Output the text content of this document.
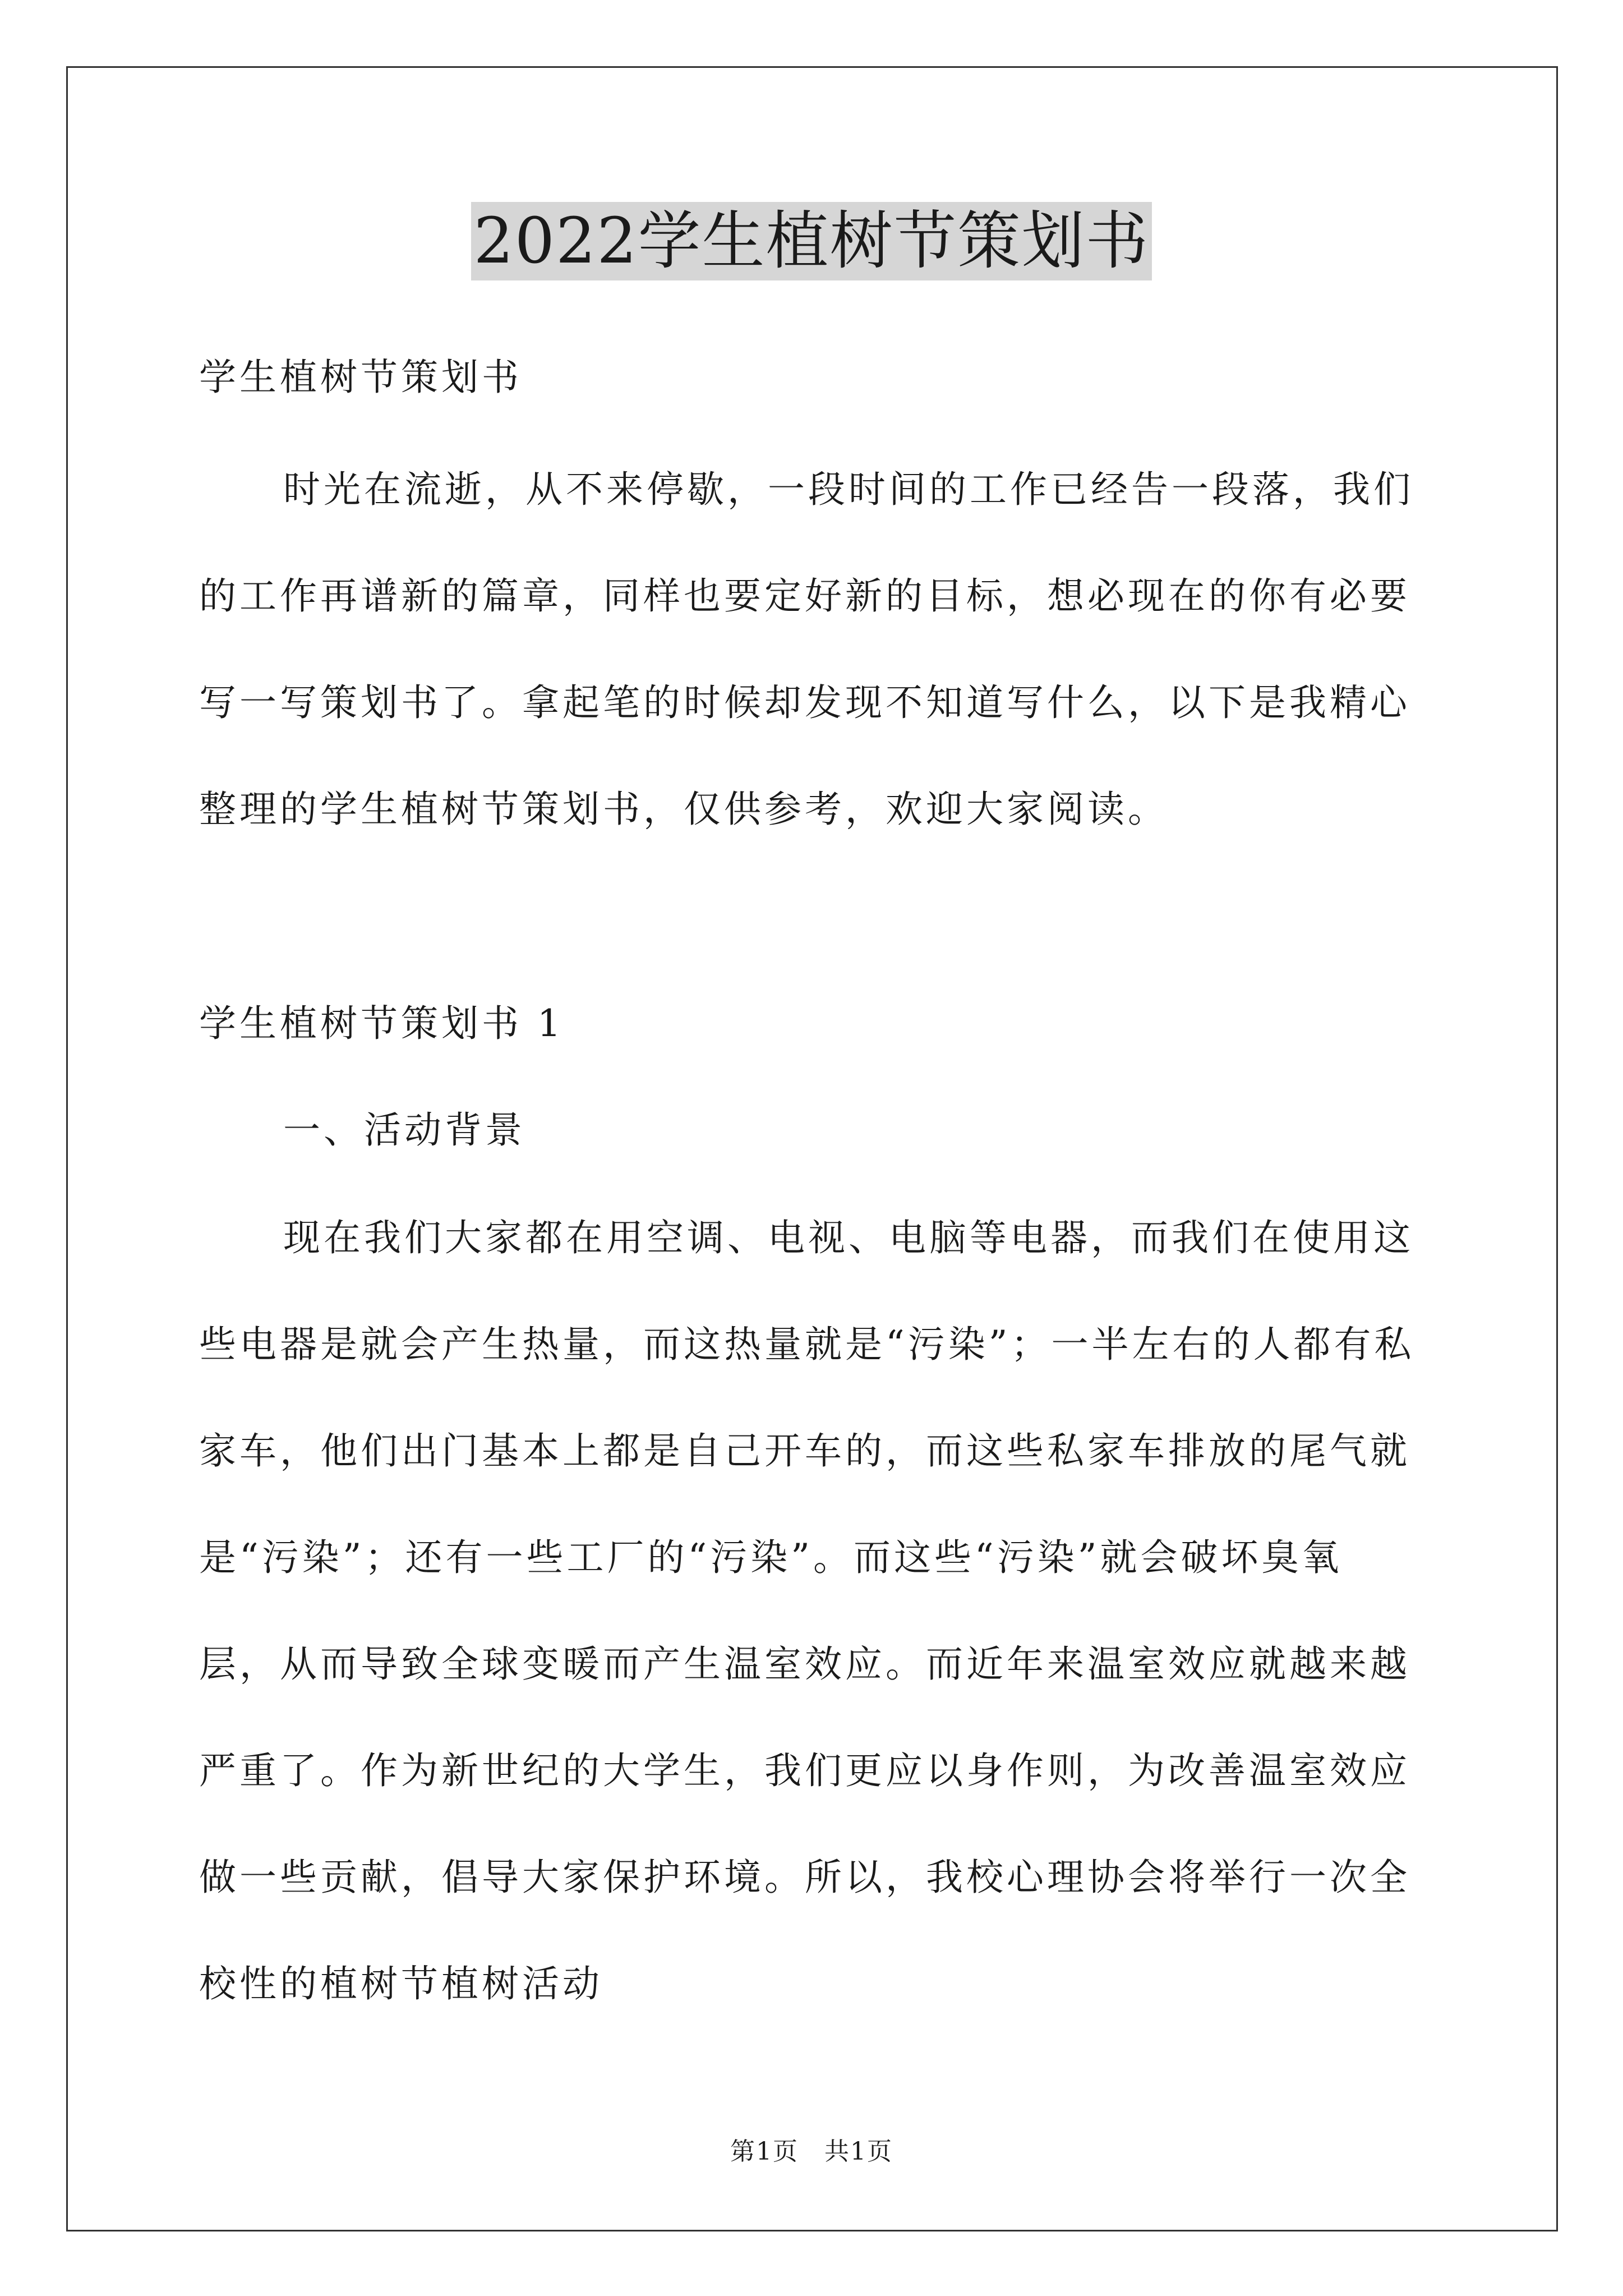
2022学生植树节策划书
学生植树节策划书
时光在流逝，从不来停歇，一段时间的工作已经告一段落，我们
的工作再谱新的篇章，同样也要定好新的目标，想必现在的你有必要
写一写策划书了。拿起笔的时候却发现不知道写什么，以下是我精心
整理的学生植树节策划书，仅供参考，欢迎大家阅读。
学生植树节策划书 1
一、活动背景
现在我们大家都在用空调、电视、电脑等电器，而我们在使用这
些电器是就会产生热量，而这热量就是“污染”；一半左右的人都有私
家车，他们出门基本上都是自己开车的，而这些私家车排放的尾气就
是“污染”；还有一些工厂的“污染”。而这些“污染”就会破坏臭氧
层，从而导致全球变暖而产生温室效应。而近年来温室效应就越来越
严重了。作为新世纪的大学生，我们更应以身作则，为改善温室效应
做一些贡献，倡导大家保护环境。所以，我校心理协会将举行一次全
校性的植树节植树活动
第1页　共1页
